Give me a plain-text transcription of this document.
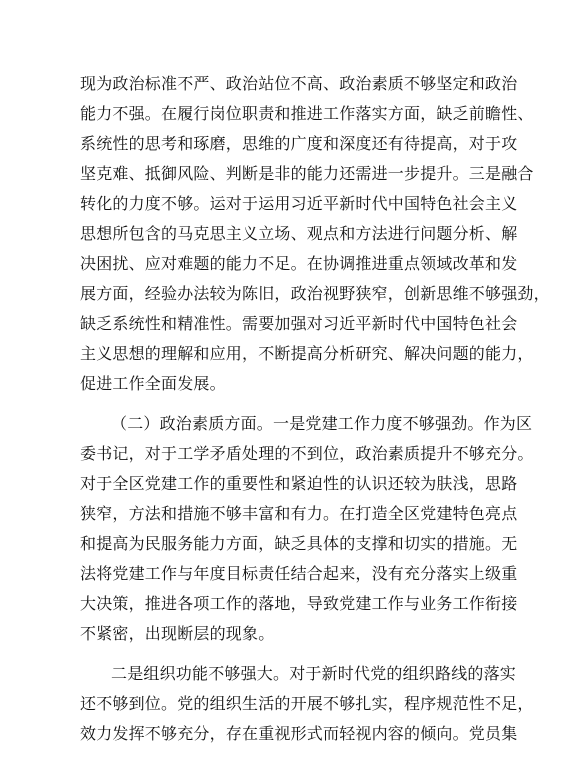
现为政治标准不严、政治站位不高、政治素质不够坚定和政治
能力不强。在履行岗位职责和推进工作落实方面，缺乏前瞻性、
系统性的思考和琢磨，思维的广度和深度还有待提高，对于攻
坚克难、抵御风险、判断是非的能力还需进一步提升。三是融合
转化的力度不够。运对于运用习近平新时代中国特色社会主义
思想所包含的马克思主义立场、观点和方法进行问题分析、解
决困扰、应对难题的能力不足。在协调推进重点领域改革和发
展方面，经验办法较为陈旧，政治视野狭窄，创新思维不够强劲，
缺乏系统性和精准性。需要加强对习近平新时代中国特色社会
主义思想的理解和应用，不断提高分析研究、解决问题的能力，
促进工作全面发展。
（二）政治素质方面。一是党建工作力度不够强劲。作为区
委书记，对于工学矛盾处理的不到位，政治素质提升不够充分。
对于全区党建工作的重要性和紧迫性的认识还较为肤浅，思路
狭窄，方法和措施不够丰富和有力。在打造全区党建特色亮点
和提高为民服务能力方面，缺乏具体的支撑和切实的措施。无
法将党建工作与年度目标责任结合起来，没有充分落实上级重
大决策，推进各项工作的落地，导致党建工作与业务工作衔接
不紧密，出现断层的现象。
二是组织功能不够强大。对于新时代党的组织路线的落实
还不够到位。党的组织生活的开展不够扎实，程序规范性不足，
效力发挥不够充分，存在重视形式而轻视内容的倾向。党员集
